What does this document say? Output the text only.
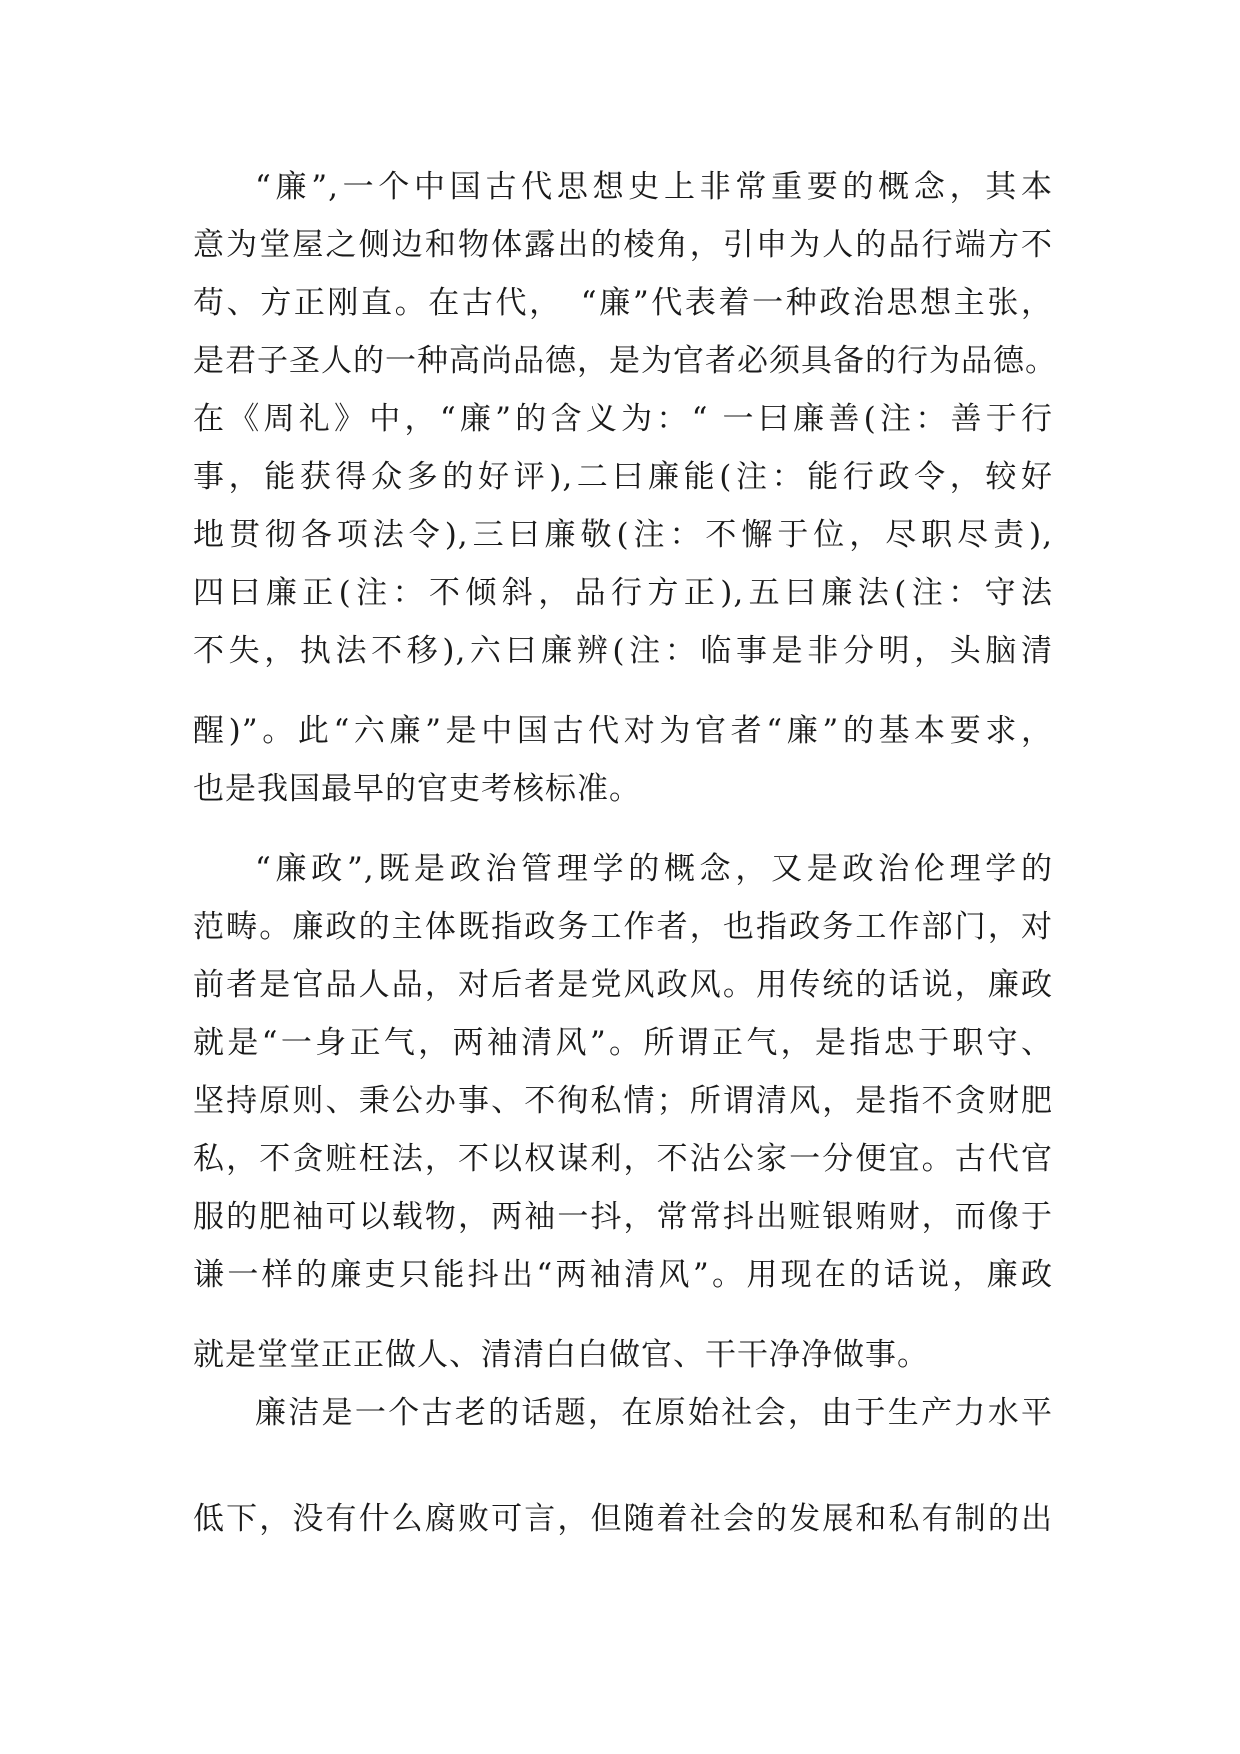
“廉”,一个中国古代思想史上非常重要的概念，其本
意为堂屋之侧边和物体露出的棱角，引申为人的品行端方不
苟、方正刚直。在古代，　“廉”代表着一种政治思想主张，
是君子圣人的一种高尚品德，是为官者必须具备的行为品德。
在《周礼》中，“廉”的含义为：“ 一曰廉善(注：善于行
事，能获得众多的好评),二曰廉能(注：能行政令，较好
地贯彻各项法令),三曰廉敬(注：不懈于位，尽职尽责),
四曰廉正(注：不倾斜，品行方正),五曰廉法(注：守法
不失，执法不移),六曰廉辨(注：临事是非分明，头脑清
醒)”。此“六廉”是中国古代对为官者“廉”的基本要求，
也是我国最早的官吏考核标准。
“廉政”,既是政治管理学的概念，又是政治伦理学的
范畴。廉政的主体既指政务工作者，也指政务工作部门，对
前者是官品人品，对后者是党风政风。用传统的话说，廉政
就是“一身正气，两袖清风”。所谓正气，是指忠于职守、
坚持原则、秉公办事、不徇私情；所谓清风，是指不贪财肥
私，不贪赃枉法，不以权谋利，不沾公家一分便宜。古代官
服的肥袖可以载物，两袖一抖，常常抖出赃银贿财，而像于
谦一样的廉吏只能抖出“两袖清风”。用现在的话说，廉政
就是堂堂正正做人、清清白白做官、干干净净做事。
廉洁是一个古老的话题，在原始社会，由于生产力水平
低下，没有什么腐败可言，但随着社会的发展和私有制的出
